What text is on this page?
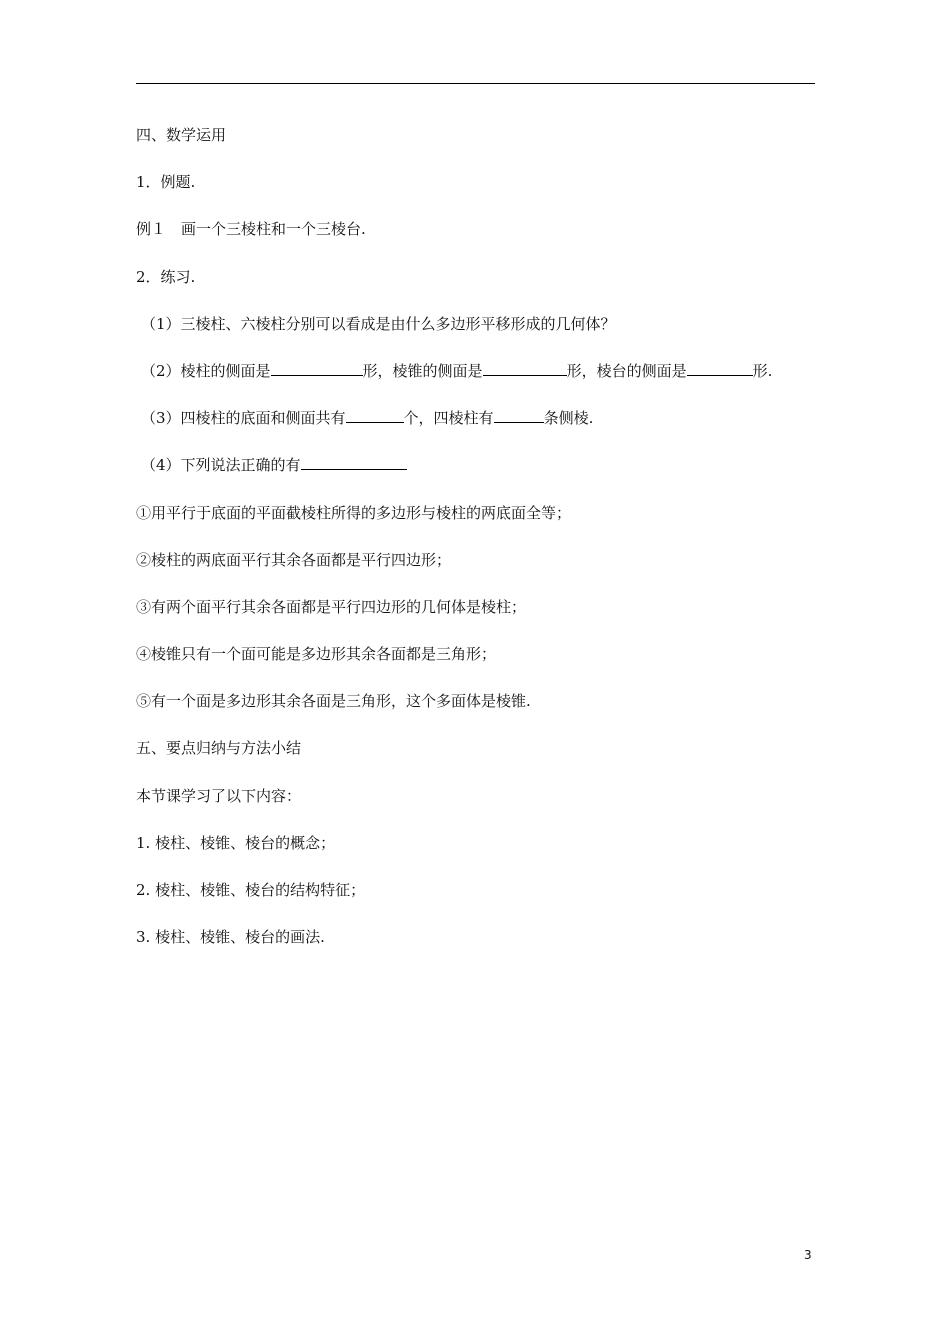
四、数学运用
1．例题.
例１　画一个三棱柱和一个三棱台.
2．练习.
（1）三棱柱、六棱柱分别可以看成是由什么多边形平移形成的几何体？
（2）棱柱的侧面是	形，棱锥的侧面是	形，棱台的侧面是	形.
（3）四棱柱的底面和侧面共有	个，四棱柱有	条侧棱.
（4）下列说法正确的有
①用平行于底面的平面截棱柱所得的多边形与棱柱的两底面全等；
②棱柱的两底面平行其余各面都是平行四边形；
③有两个面平行其余各面都是平行四边形的几何体是棱柱；
④棱锥只有一个面可能是多边形其余各面都是三角形；
⑤有一个面是多边形其余各面是三角形，这个多面体是棱锥.
五、要点归纳与方法小结
本节课学习了以下内容：
1. 棱柱、棱锥、棱台的概念；
2. 棱柱、棱锥、棱台的结构特征；
3. 棱柱、棱锥、棱台的画法.
3
